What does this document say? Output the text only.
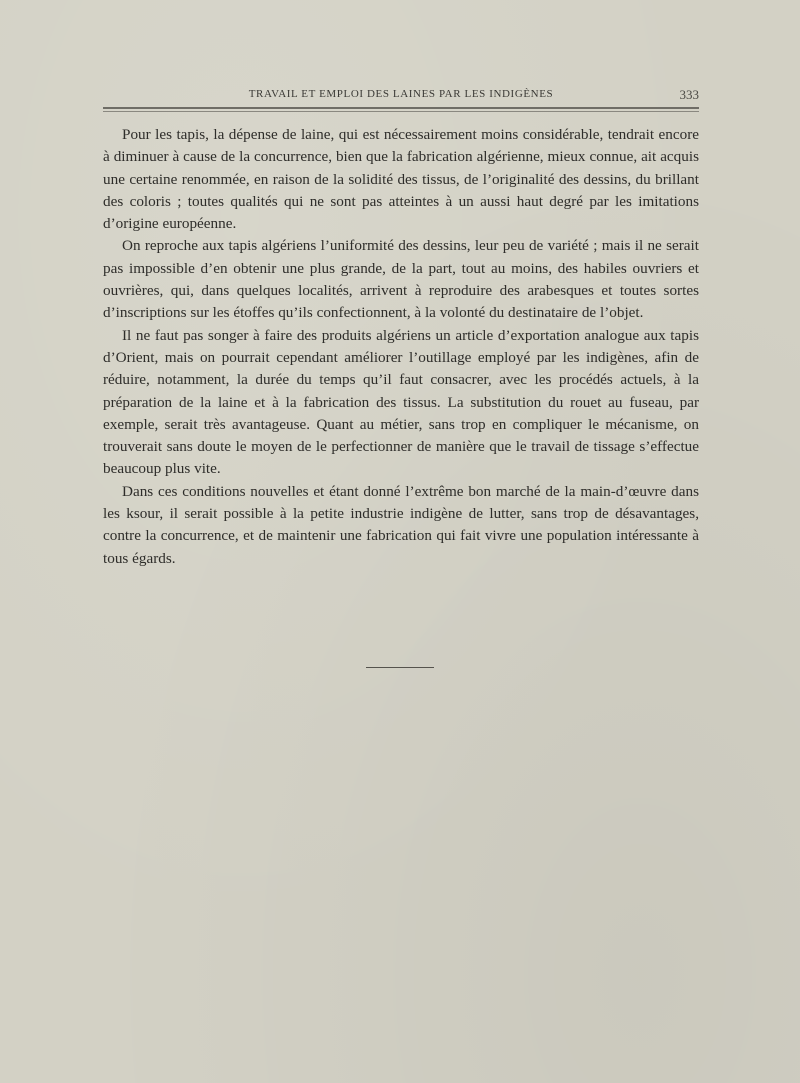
TRAVAIL ET EMPLOI DES LAINES PAR LES INDIGÈNES	333

Pour les tapis, la dépense de laine, qui est nécessairement moins considérable, tendrait encore à diminuer à cause de la concurrence, bien que la fabrication algérienne, mieux connue, ait acquis une certaine renommée, en raison de la solidité des tissus, de l’originalité des dessins, du brillant des coloris ; toutes qualités qui ne sont pas atteintes à un aussi haut degré par les imitations d’origine européenne.

On reproche aux tapis algériens l’uniformité des dessins, leur peu de variété ; mais il ne serait pas impossible d’en obtenir une plus grande, de la part, tout au moins, des habiles ouvriers et ouvrières, qui, dans quelques localités, arrivent à reproduire des arabesques et toutes sortes d’inscriptions sur les étoffes qu’ils confectionnent, à la volonté du destinataire de l’objet.

Il ne faut pas songer à faire des produits algériens un article d’exportation analogue aux tapis d’Orient, mais on pourrait cependant améliorer l’outillage employé par les indigènes, afin de réduire, notamment, la durée du temps qu’il faut consacrer, avec les procédés actuels, à la préparation de la laine et à la fabrication des tissus. La substitution du rouet au fuseau, par exemple, serait très avantageuse. Quant au métier, sans trop en compliquer le mécanisme, on trouverait sans doute le moyen de le perfectionner de manière que le travail de tissage s’effectue beaucoup plus vite.

Dans ces conditions nouvelles et étant donné l’extrême bon marché de la main-d’œuvre dans les ksour, il serait possible à la petite industrie indigène de lutter, sans trop de désavantages, contre la concurrence, et de maintenir une fabrication qui fait vivre une population intéressante à tous égards.
